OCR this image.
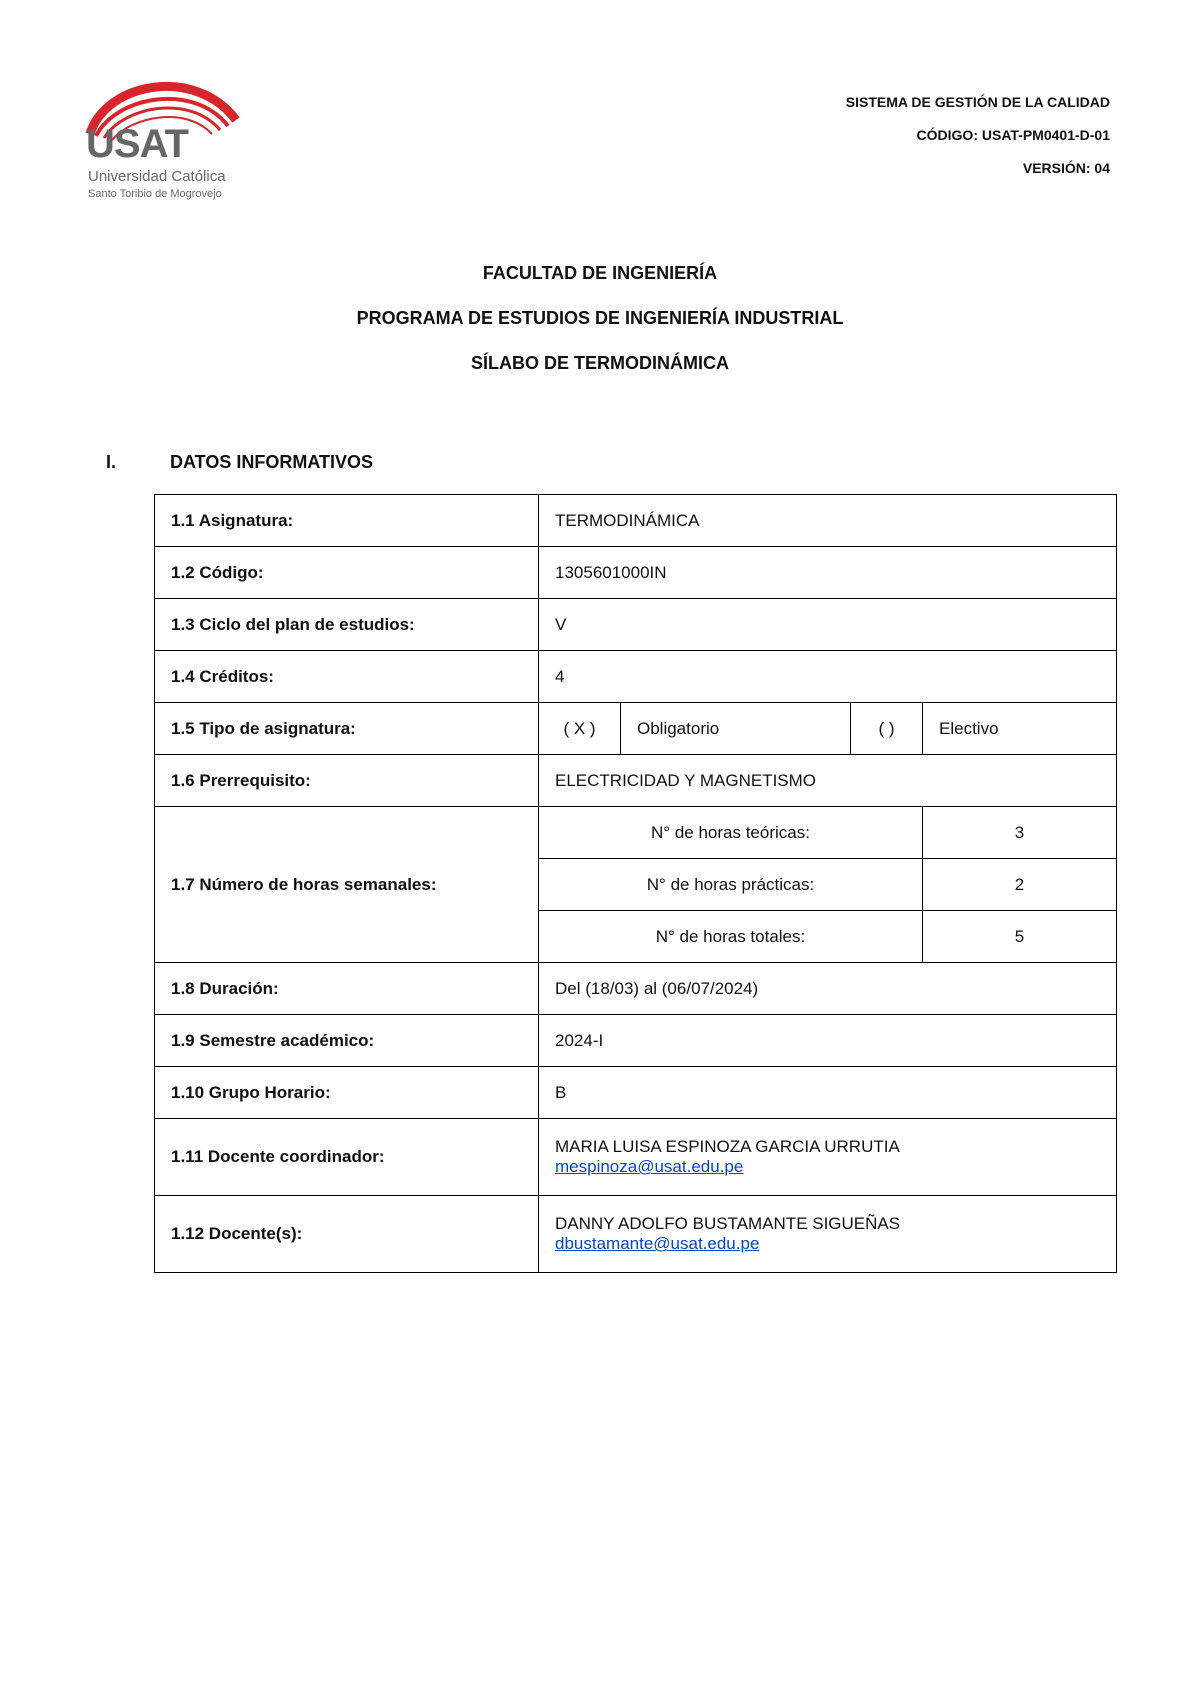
USAT
Universidad Católica
Santo Toribio de Mogrovejo
SISTEMA DE GESTIÓN DE LA CALIDAD
CÓDIGO: USAT-PM0401-D-01
VERSIÓN: 04
FACULTAD DE INGENIERÍA
PROGRAMA DE ESTUDIOS DE INGENIERÍA INDUSTRIAL
SÍLABO DE TERMODINÁMICA
I.	DATOS INFORMATIVOS
1.1 Asignatura:	TERMODINÁMICA			
1.2 Código:	1305601000IN			
1.3 Ciclo del plan de estudios:	V			
1.4 Créditos:	4			
1.5 Tipo de asignatura:	( X )	Obligatorio	( )	Electivo
1.6 Prerrequisito:	ELECTRICIDAD Y MAGNETISMO			
1.7 Número de horas semanales:	N° de horas teóricas:			3
	N° de horas prácticas:			2
	N° de horas totales:			5
1.8 Duración:	Del (18/03) al (06/07/2024)			
1.9 Semestre académico:	2024-I			
1.10 Grupo Horario:	B			
1.11 Docente coordinador:	MARIA LUISA ESPINOZA GARCIA URRUTIA
mespinoza@usat.edu.pe			

1.12 Docente(s):	DANNY ADOLFO BUSTAMANTE SIGUEÑAS
dbustamante@usat.edu.pe			
